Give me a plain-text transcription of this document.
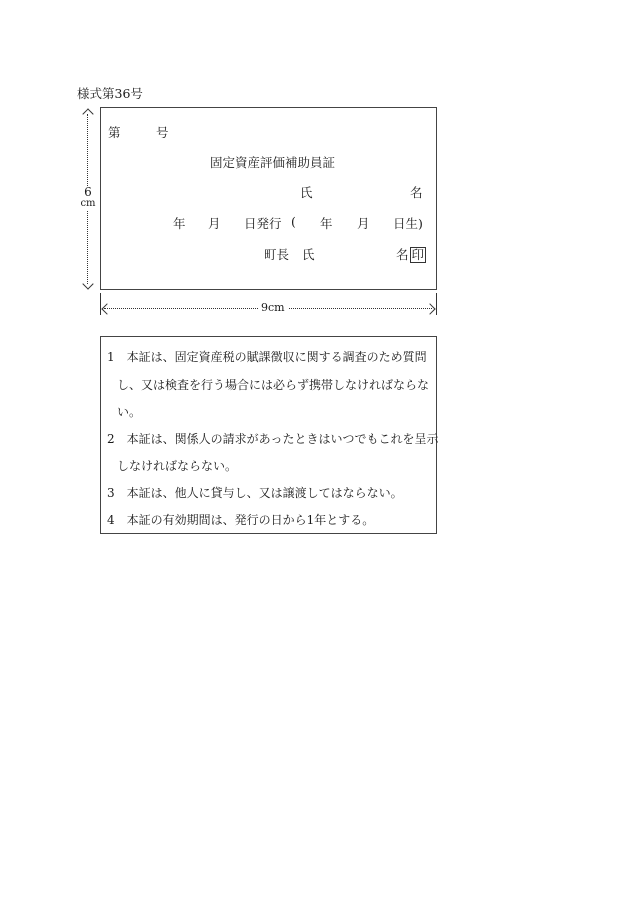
様式第36号
6
cm
第	号
固定資産評価補助員証
氏	名
年 月 日発行 ( 年 月 日生)
町長 氏	名 印
9cm
1　本証は、固定資産税の賦課徴収に関する調査のため質問
し、又は検査を行う場合には必らず携帯しなければならな
い。
2　本証は、関係人の請求があったときはいつでもこれを呈示
しなければならない。
3　本証は、他人に貸与し、又は譲渡してはならない。
4　本証の有効期間は、発行の日から1年とする。
